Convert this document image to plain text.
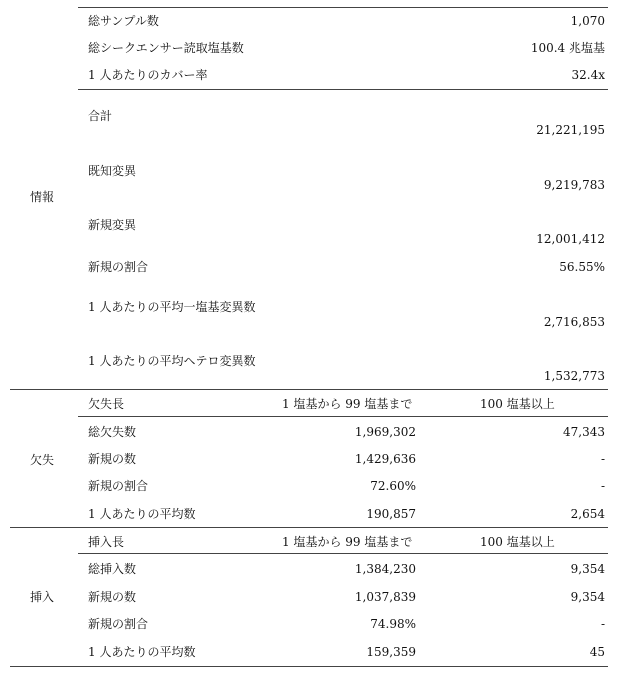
情報
総サンプル数	1,070
総シークエンサー読取塩基数	100.4 兆塩基
1 人あたりのカバー率	32.4x
合計
21,221,195
既知変異
9,219,783
新規変異
12,001,412
新規の割合	56.55%
1 人あたりの平均一塩基変異数
2,716,853
1 人あたりの平均ヘテロ変異数
1,532,773
欠失
欠失長	1 塩基から 99 塩基まで	100 塩基以上
総欠失数	1,969,302	47,343
新規の数	1,429,636	-
新規の割合	72.60%	-
1 人あたりの平均数	190,857	2,654
挿入
挿入長	1 塩基から 99 塩基まで	100 塩基以上
総挿入数	1,384,230	9,354
新規の数	1,037,839	9,354
新規の割合	74.98%	-
1 人あたりの平均数	159,359	45
